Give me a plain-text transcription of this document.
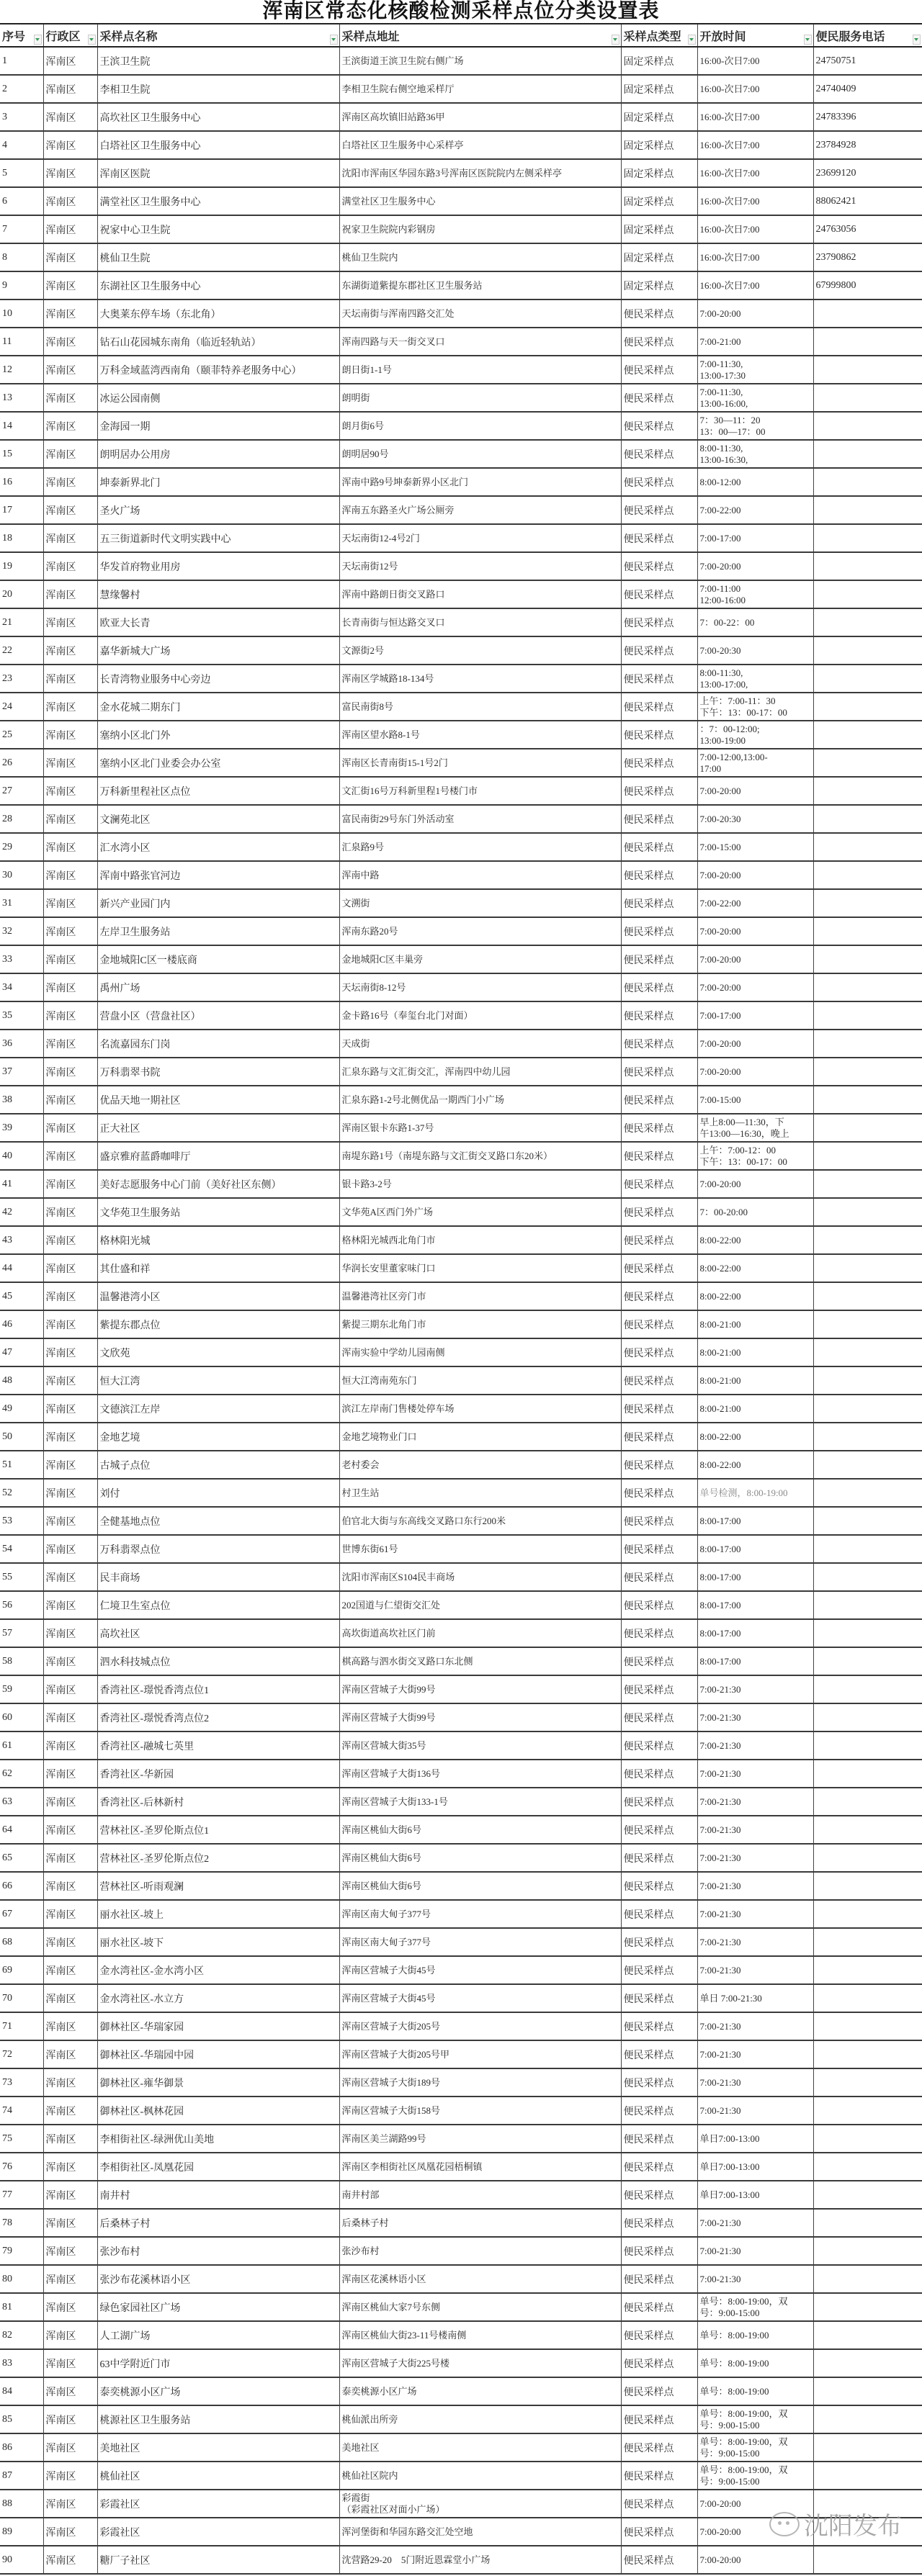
浑南区常态化核酸检测采样点位分类设置表
序号	行政区	采样点名称	采样点地址	采样点类型	开放时间	便民服务电话

1	浑南区	王滨卫生院	王滨街道王滨卫生院右侧广场	固定采样点	16:00-次日7:00	24750751
2	浑南区	李相卫生院	李相卫生院右侧空地采样厅	固定采样点	16:00-次日7:00	24740409
3	浑南区	高坎社区卫生服务中心	浑南区高坎镇旧站路36甲	固定采样点	16:00-次日7:00	24783396
4	浑南区	白塔社区卫生服务中心	白塔社区卫生服务中心采样亭	固定采样点	16:00-次日7:00	23784928
5	浑南区	浑南区医院	沈阳市浑南区华园东路3号浑南区医院院内左侧采样亭	固定采样点	16:00-次日7:00	23699120
6	浑南区	满堂社区卫生服务中心	满堂社区卫生服务中心	固定采样点	16:00-次日7:00	88062421
7	浑南区	祝家中心卫生院	祝家卫生院院内彩钢房	固定采样点	16:00-次日7:00	24763056
8	浑南区	桃仙卫生院	桃仙卫生院内	固定采样点	16:00-次日7:00	23790862
9	浑南区	东湖社区卫生服务中心	东湖街道紫提东郡社区卫生服务站	固定采样点	16:00-次日7:00	67999800
10	浑南区	大奥莱东停车场（东北角）	天坛南街与浑南四路交汇处	便民采样点	7:00-20:00	
11	浑南区	钻石山花园城东南角（临近轻轨站）	浑南四路与天一街交叉口	便民采样点	7:00-21:00	
12	浑南区	万科金域蓝湾西南角（颐菲特养老服务中心）	朗日街1-1号	便民采样点	7:00-11:30,
13:00-17:30	
13	浑南区	冰运公园南侧	朗明街	便民采样点	7:00-11:30,
13:00-16:00,	
14	浑南区	金海园一期	朗月街6号	便民采样点	7：30—11：20
13：00—17：00	
15	浑南区	朗明居办公用房	朗明居90号	便民采样点	8:00-11:30,
13:00-16:30,	
16	浑南区	坤泰新界北门	浑南中路9号坤泰新界小区北门	便民采样点	8:00-12:00	
17	浑南区	圣火广场	浑南五东路圣火广场公厕旁	便民采样点	7:00-22:00	
18	浑南区	五三街道新时代文明实践中心	天坛南街12-4号2门	便民采样点	7:00-17:00	
19	浑南区	华发首府物业用房	天坛南街12号	便民采样点	7:00-20:00	
20	浑南区	慧缘馨村	浑南中路朗日街交叉路口	便民采样点	7:00-11:00
12:00-16:00	
21	浑南区	欧亚大长青	长青南街与恒达路交叉口	便民采样点	7：00-22：00	
22	浑南区	嘉华新城大广场	文源街2号	便民采样点	7:00-20:30	
23	浑南区	长青湾物业服务中心旁边	浑南区学城路18-134号	便民采样点	8:00-11:30,
13:00-17:00,	
24	浑南区	金水花城二期东门	富民南街8号	便民采样点	上午：7:00-11：30
下午：13：00-17：00	
25	浑南区	塞纳小区北门外	浑南区望水路8-1号	便民采样点	：7：00-12:00;
13:00-19:00	
26	浑南区	塞纳小区北门业委会办公室	浑南区长青南街15-1号2门	便民采样点	7:00-12:00,13:00-
17:00	
27	浑南区	万科新里程社区点位	文汇街16号万科新里程1号楼门市	便民采样点	7:00-20:00	
28	浑南区	文澜苑北区	富民南街29号东门外活动室	便民采样点	7:00-20:30	
29	浑南区	汇水湾小区	汇泉路9号	便民采样点	7:00-15:00	
30	浑南区	浑南中路张官河边	浑南中路	便民采样点	7:00-20:00	
31	浑南区	新兴产业园门内	文溯街	便民采样点	7:00-22:00	
32	浑南区	左岸卫生服务站	浑南东路20号	便民采样点	7:00-20:00	
33	浑南区	金地城阳C区一楼底商	金地城阳C区丰巢旁	便民采样点	7:00-20:00	
34	浑南区	禹州广场	天坛南街8-12号	便民采样点	7:00-20:00	
35	浑南区	营盘小区（营盘社区）	金卡路16号（奉玺台北门对面）	便民采样点	7:00-17:00	
36	浑南区	名流嘉园东门岗	天成街	便民采样点	7:00-20:00	
37	浑南区	万科翡翠书院	汇泉东路与文汇街交汇，浑南四中幼儿园	便民采样点	7:00-20:00	
38	浑南区	优品天地一期社区	汇泉东路1-2号北侧优品一期西门小广场	便民采样点	7:00-15:00	
39	浑南区	正大社区	浑南区银卡东路1-37号	便民采样点	早上8:00—11:30，下
午13:00—16:30，晚上	
40	浑南区	盛京雅府蓝爵咖啡厅	南堤东路1号（南堤东路与文汇街交叉路口东20米）	便民采样点	上午：7:00-12：00
下午：13：00-17：00	
41	浑南区	美好志愿服务中心门前（美好社区东侧）	银卡路3-2号	便民采样点	7:00-20:00	
42	浑南区	文华苑卫生服务站	文华苑A区西门外广场	便民采样点	7：00-20:00	
43	浑南区	格林阳光城	格林阳光城西北角门市	便民采样点	8:00-22:00	
44	浑南区	其仕盛和祥	华润长安里董家味门口	便民采样点	8:00-22:00	
45	浑南区	温馨港湾小区	温馨港湾社区旁门市	便民采样点	8:00-22:00	
46	浑南区	紫提东郡点位	紫提三期东北角门市	便民采样点	8:00-21:00	
47	浑南区	文欣苑	浑南实验中学幼儿园南侧	便民采样点	8:00-21:00	
48	浑南区	恒大江湾	恒大江湾南苑东门	便民采样点	8:00-21:00	
49	浑南区	文德滨江左岸	滨江左岸南门售楼处停车场	便民采样点	8:00-21:00	
50	浑南区	金地艺境	金地艺境物业门口	便民采样点	8:00-22:00	
51	浑南区	古城子点位	老村委会	便民采样点	8:00-22:00	
52	浑南区	刘付	村卫生站	便民采样点	单号检测，8:00-19:00	
53	浑南区	全健基地点位	伯官北大街与东高线交叉路口东行200米	便民采样点	8:00-17:00	
54	浑南区	万科翡翠点位	世博东街61号	便民采样点	8:00-17:00	
55	浑南区	民丰商场	沈阳市浑南区S104民丰商场	便民采样点	8:00-17:00	
56	浑南区	仁境卫生室点位	202国道与仁望街交汇处	便民采样点	8:00-17:00	
57	浑南区	高坎社区	高坎街道高坎社区门前	便民采样点	8:00-17:00	
58	浑南区	泗水科技城点位	棋高路与泗水街交叉路口东北侧	便民采样点	8:00-17:00	
59	浑南区	香湾社区-璟悦香湾点位1	浑南区营城子大街99号	便民采样点	7:00-21:30	
60	浑南区	香湾社区-璟悦香湾点位2	浑南区营城子大街99号	便民采样点	7:00-21:30	
61	浑南区	香湾社区-融城七英里	浑南区营城大街35号	便民采样点	7:00-21:30	
62	浑南区	香湾社区-华新园	浑南区营城子大街136号	便民采样点	7:00-21:30	
63	浑南区	香湾社区-后林新村	浑南区营城子大街133-1号	便民采样点	7:00-21:30	
64	浑南区	营林社区-圣罗伦斯点位1	浑南区桃仙大街6号	便民采样点	7:00-21:30	
65	浑南区	营林社区-圣罗伦斯点位2	浑南区桃仙大街6号	便民采样点	7:00-21:30	
66	浑南区	营林社区-听雨观澜	浑南区桃仙大街6号	便民采样点	7:00-21:30	
67	浑南区	丽水社区-坡上	浑南区南大甸子377号	便民采样点	7:00-21:30	
68	浑南区	丽水社区-坡下	浑南区南大甸子377号	便民采样点	7:00-21:30	
69	浑南区	金水湾社区-金水湾小区	浑南区营城子大街45号	便民采样点	7:00-21:30	
70	浑南区	金水湾社区-水立方	浑南区营城子大街45号	便民采样点	单日 7:00-21:30	
71	浑南区	御林社区-华瑞家园	浑南区营城子大街205号	便民采样点	7:00-21:30	
72	浑南区	御林社区-华瑞园中园	浑南区营城子大街205号甲	便民采样点	7:00-21:30	
73	浑南区	御林社区-雍华御景	浑南区营城子大街189号	便民采样点	7:00-21:30	
74	浑南区	御林社区-枫林花园	浑南区营城子大街158号	便民采样点	7:00-21:30	
75	浑南区	李相街社区-绿洲优山美地	浑南区美兰湖路99号	便民采样点	单日7:00-13:00	
76	浑南区	李相街社区-凤凰花园	浑南区李相街社区凤凰花园梧桐镇	便民采样点	单日7:00-13:00	
77	浑南区	南井村	南井村部	便民采样点	单日7:00-13:00	
78	浑南区	后桑林子村	后桑林子村	便民采样点	7:00-21:30	
79	浑南区	张沙布村	张沙布村	便民采样点	7:00-21:30	
80	浑南区	张沙布花溪林语小区	浑南区花溪林语小区	便民采样点	7:00-21:30	
81	浑南区	绿色家园社区广场	浑南区桃仙大家7号东侧	便民采样点	单号：8:00-19:00，双
号：9:00-15:00	
82	浑南区	人工湖广场	浑南区桃仙大街23-11号楼南侧	便民采样点	单号：8:00-19:00	
83	浑南区	63中学附近门市	浑南区营城子大街225号楼	便民采样点	单号：8:00-19:00	
84	浑南区	泰奕桃源小区广场	泰奕桃源小区广场	便民采样点	单号：8:00-19:00	
85	浑南区	桃源社区卫生服务站	桃仙派出所旁	便民采样点	单号：8:00-19:00，双
号：9:00-15:00	
86	浑南区	美地社区	美地社区	便民采样点	单号：8:00-19:00，双
号：9:00-15:00	
87	浑南区	桃仙社区	桃仙社区院内	便民采样点	单号：8:00-19:00，双
号：9:00-15:00	
88	浑南区	彩霞社区	彩霞街
（彩霞社区对面小广场）	便民采样点	7:00-20:00	
89	浑南区	彩霞社区	浑河堡街和华园东路交汇处空地	便民采样点	7:00-20:00	
90	浑南区	糖厂子社区	沈营路29-20　5门附近恩霖堂小广场	便民采样点	7:00-20:00	
沈阳发布
